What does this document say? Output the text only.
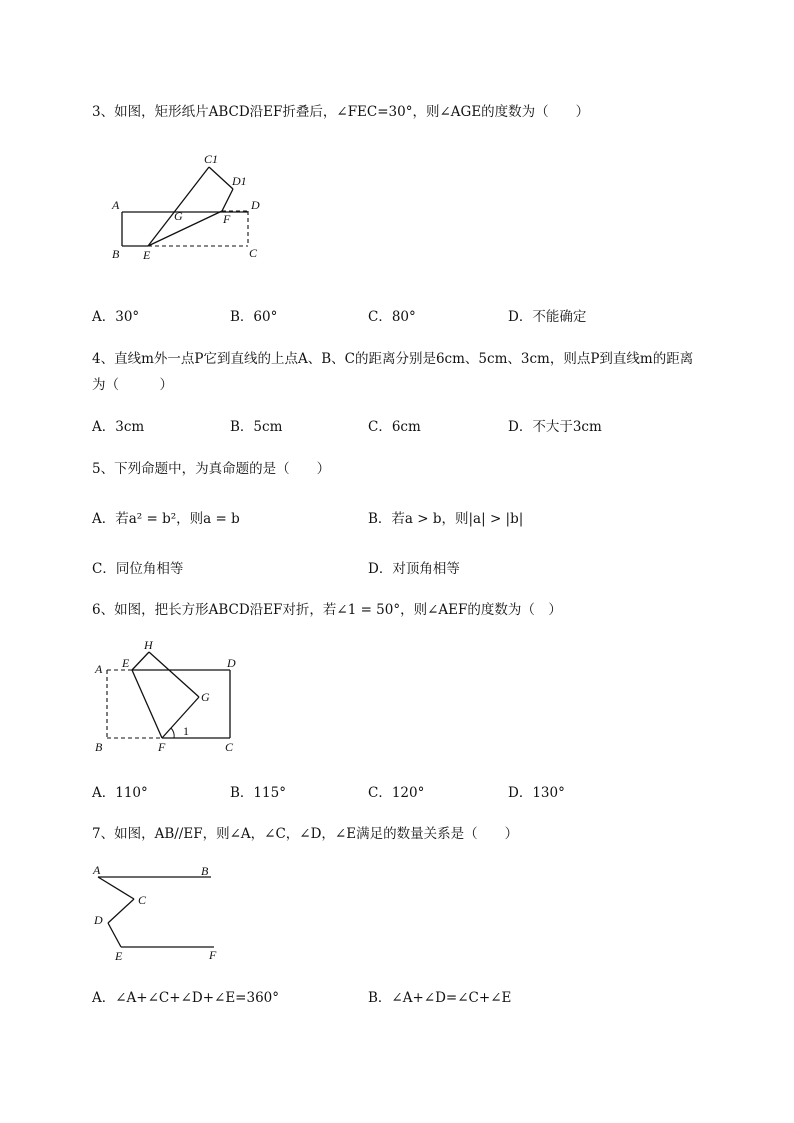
3、如图，矩形纸片ABCD沿EF折叠后，∠FEC=30°，则∠AGE的度数为（　　）
A
B	C
D
E
F
G
C1
D1
A．30°	B．60°	C．80°	D．不能确定
4、直线m外一点P它到直线的上点A、B、C的距离分别是6cm、5cm、3cm，则点P到直线m的距离
为（　　　）
A．3cm	B．5cm	C．6cm	D．不大于3cm
5、下列命题中，为真命题的是（　　）
A．若a² = b²，则a = b	B．若a > b，则|a| > |b|
C．同位角相等	D．对顶角相等
6、如图，把长方形ABCD沿EF对折，若∠1 = 50°，则∠AEF的度数为（　）
A
B	C
D
E
F
G
H
1
A．110°	B．115°	C．120°	D．130°
7、如图，AB//EF，则∠A，∠C，∠D，∠E满足的数量关系是（　　）
A	B
C
D
E	F
A．∠A+∠C+∠D+∠E=360°	B．∠A+∠D=∠C+∠E
